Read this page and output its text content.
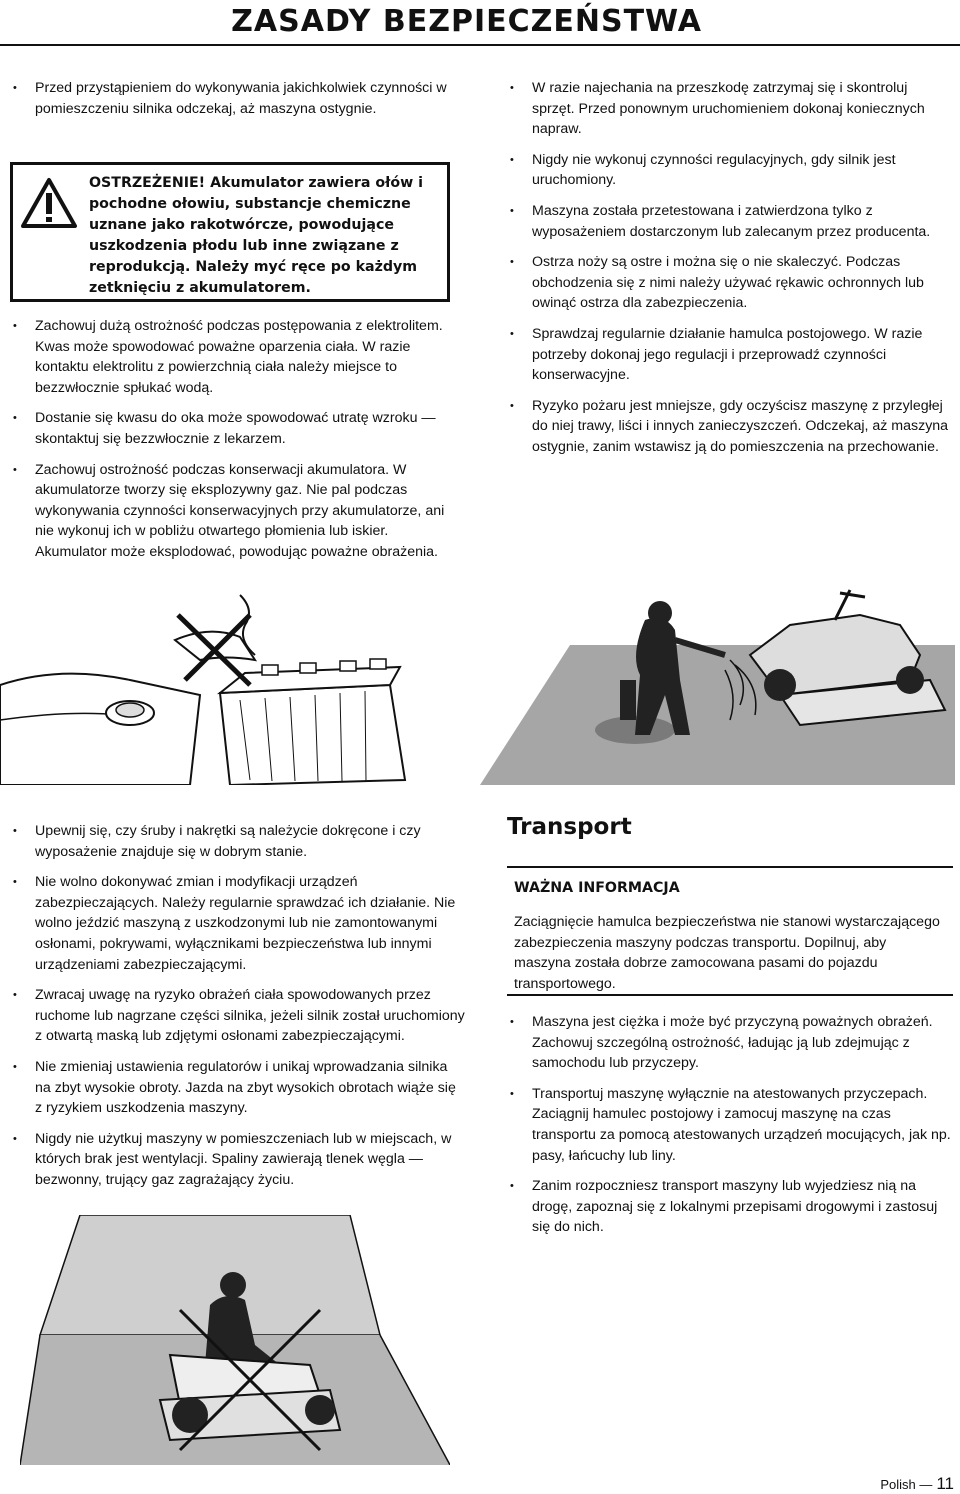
ZASADY BEZPIECZEŃSTWA
• Przed przystąpieniem do wykonywania jakichkolwiek czynności w pomieszczeniu silnika odczekaj, aż maszyna ostygnie.
OSTRZEŻENIE! Akumulator zawiera ołów i pochodne ołowiu, substancje chemiczne uznane jako rakotwórcze, powodujące uszkodzenia płodu lub inne związane z reprodukcją. Należy myć ręce po każdym zetknięciu z akumulatorem.
• Zachowuj dużą ostrożność podczas postępowania z elektrolitem. Kwas może spowodować poważne oparzenia ciała. W razie kontaktu elektrolitu z powierzchnią ciała należy miejsce to bezzwłocznie spłukać wodą.
• Dostanie się kwasu do oka może spowodować utratę wzroku — skontaktuj się bezzwłocznie z lekarzem.
• Zachowuj ostrożność podczas konserwacji akumulatora. W akumulatorze tworzy się eksplozywny gaz. Nie pal podczas wykonywania czynności konserwacyjnych przy akumulatorze, ani nie wykonuj ich w pobliżu otwartego płomienia lub iskier. Akumulator może eksplodować, powodując poważne obrażenia.
• W razie najechania na przeszkodę zatrzymaj się i skontroluj sprzęt. Przed ponownym uruchomieniem dokonaj koniecznych napraw.
• Nigdy nie wykonuj czynności regulacyjnych, gdy silnik jest uruchomiony.
• Maszyna została przetestowana i zatwierdzona tylko z wyposażeniem dostarczonym lub zalecanym przez producenta.
• Ostrza noży są ostre i można się o nie skaleczyć. Podczas obchodzenia się z nimi należy używać rękawic ochronnych lub owinąć ostrza dla zabezpieczenia.
• Sprawdzaj regularnie działanie hamulca postojowego. W razie potrzeby dokonaj jego regulacji i przeprowadź czynności konserwacyjne.
• Ryzyko pożaru jest mniejsze, gdy oczyścisz maszynę z przyległej do niej trawy, liści i innych zanieczyszczeń. Odczekaj, aż maszyna ostygnie, zanim wstawisz ją do pomieszczenia na przechowanie.
• Upewnij się, czy śruby i nakrętki są należycie dokręcone i czy wyposażenie znajduje się w dobrym stanie.
• Nie wolno dokonywać zmian i modyfikacji urządzeń zabezpieczających. Należy regularnie sprawdzać ich działanie. Nie wolno jeździć maszyną z uszkodzonymi lub nie zamontowanymi osłonami, pokrywami, wyłącznikami bezpieczeństwa lub innymi urządzeniami zabezpieczającymi.
• Zwracaj uwagę na ryzyko obrażeń ciała spowodowanych przez ruchome lub nagrzane części silnika, jeżeli silnik został uruchomiony z otwartą maską lub zdjętymi osłonami zabezpieczającymi.
• Nie zmieniaj ustawienia regulatorów i unikaj wprowadzania silnika na zbyt wysokie obroty. Jazda na zbyt wysokich obrotach wiąże się z ryzykiem uszkodzenia maszyny.
• Nigdy nie użytkuj maszyny w pomieszczeniach lub w miejscach, w których brak jest wentylacji. Spaliny zawierają tlenek węgla — bezwonny, trujący gaz zagrażający życiu.
Transport
WAŻNA INFORMACJA
Zaciągnięcie hamulca bezpieczeństwa nie stanowi wystarczającego zabezpieczenia maszyny podczas transportu. Dopilnuj, aby maszyna została dobrze zamocowana pasami do pojazdu transportowego.
• Maszyna jest ciężka i może być przyczyną poważnych obrażeń. Zachowuj szczególną ostrożność, ładując ją lub zdejmując z samochodu lub przyczepy.
• Transportuj maszynę wyłącznie na atestowanych przyczepach. Zaciągnij hamulec postojowy i zamocuj maszynę na czas transportu za pomocą atestowanych urządzeń mocujących, jak np. pasy, łańcuchy lub liny.
• Zanim rozpoczniesz transport maszyny lub wyjedziesz nią na drogę, zapoznaj się z lokalnymi przepisami drogowymi i zastosuj się do nich.
Polish — 11
